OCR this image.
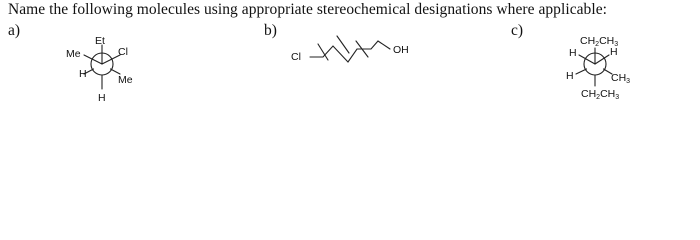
Name the following molecules using appropriate stereochemical designations where applicable:
a)	b)	c)
Et
Me	Cl
H	Me
H
Cl
OH
CH2CH3
H	H
H	CH3
CH2CH3
